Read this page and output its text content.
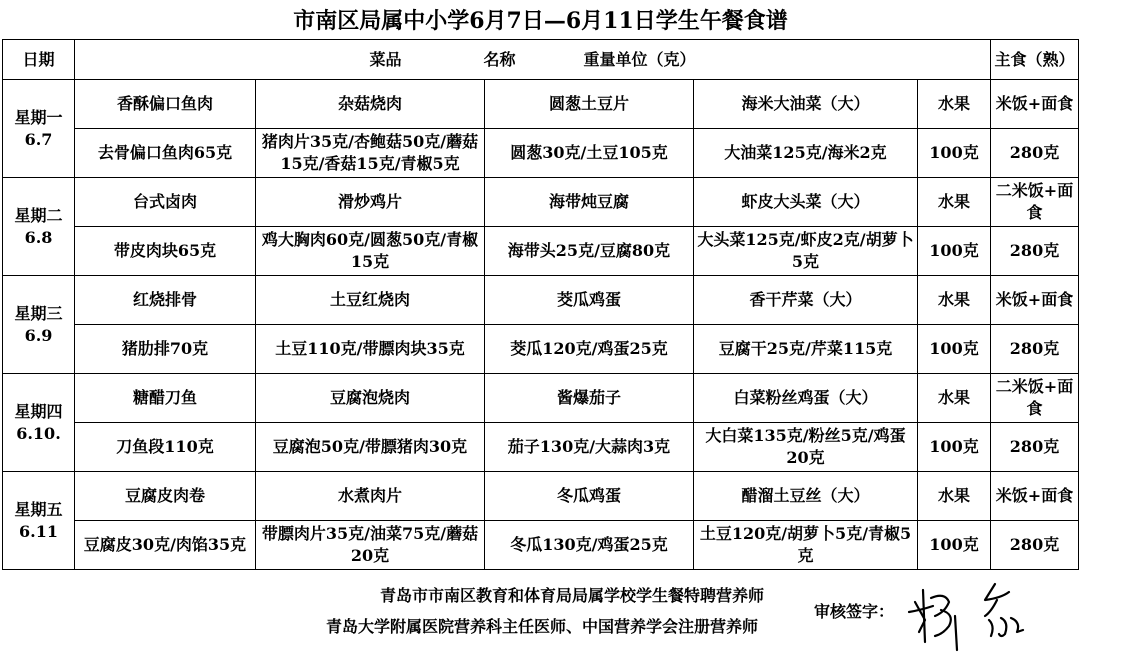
市南区局属中小学6月7日—6月11日学生午餐食谱						
日期	菜品 名称 重量单位（克）					主食（熟）

星期一
6.7	香酥偏口鱼肉	杂菇烧肉	圆葱土豆片	海米大油菜（大）	水果	米饭+面食
	去骨偏口鱼肉65克	猪肉片35克/杏鲍菇50克/蘑菇15克/香菇15克/青椒5克	圆葱30克/土豆105克	大油菜125克/海米2克	100克	280克

星期二
6.8	台式卤肉	滑炒鸡片	海带炖豆腐	虾皮大头菜（大）	水果	二米饭+面食
	带皮肉块65克	鸡大胸肉60克/圆葱50克/青椒15克	海带头25克/豆腐80克	大头菜125克/虾皮2克/胡萝卜5克	100克	280克

星期三
6.9	红烧排骨	土豆红烧肉	茭瓜鸡蛋	香干芹菜（大）	水果	米饭+面食
	猪肋排70克	土豆110克/带膘肉块35克	茭瓜120克/鸡蛋25克	豆腐干25克/芹菜115克	100克	280克

星期四
6.10.	糖醋刀鱼	豆腐泡烧肉	酱爆茄子	白菜粉丝鸡蛋（大）	水果	二米饭+面食
	刀鱼段110克	豆腐泡50克/带膘猪肉30克	茄子130克/大蒜肉3克	大白菜135克/粉丝5克/鸡蛋20克	100克	280克

星期五
6.11	豆腐皮肉卷	水煮肉片	冬瓜鸡蛋	醋溜土豆丝（大）	水果	米饭+面食
	豆腐皮30克/肉馅35克	带膘肉片35克/油菜75克/蘑菇20克	冬瓜130克/鸡蛋25克	土豆120克/胡萝卜5克/青椒5克	100克	280克
青岛市市南区教育和体育局局属学校学生餐特聘营养师
青岛大学附属医院营养科主任医师、中国营养学会注册营养师
审核签字：
